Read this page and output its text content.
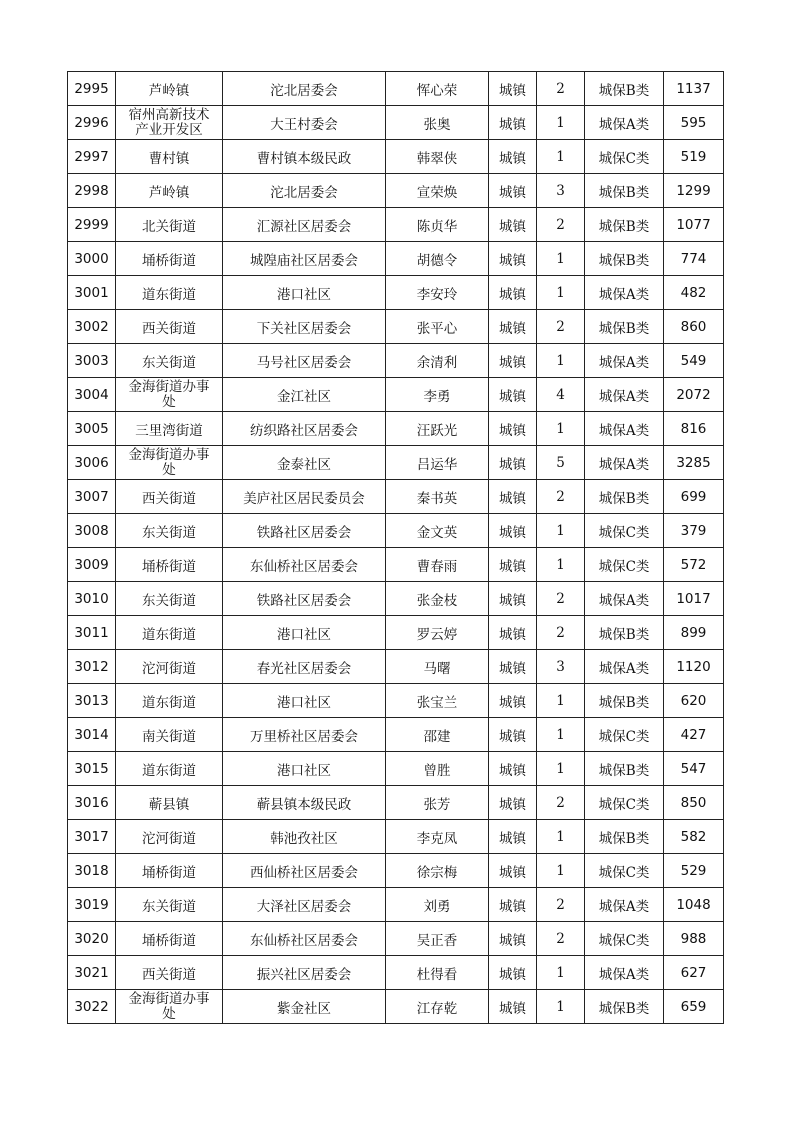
2995	芦岭镇	沱北居委会	恽心荣	城镇	2	城保B类	1137
2996	宿州高新技术产业开发区	大王村委会	张奥	城镇	1	城保A类	595
2997	曹村镇	曹村镇本级民政	韩翠侠	城镇	1	城保C类	519
2998	芦岭镇	沱北居委会	宣荣焕	城镇	3	城保B类	1299
2999	北关街道	汇源社区居委会	陈贞华	城镇	2	城保B类	1077
3000	埇桥街道	城隍庙社区居委会	胡德令	城镇	1	城保B类	774
3001	道东街道	港口社区	李安玲	城镇	1	城保A类	482
3002	西关街道	下关社区居委会	张平心	城镇	2	城保B类	860
3003	东关街道	马号社区居委会	余清利	城镇	1	城保A类	549
3004	金海街道办事处	金江社区	李勇	城镇	4	城保A类	2072
3005	三里湾街道	纺织路社区居委会	汪跃光	城镇	1	城保A类	816
3006	金海街道办事处	金泰社区	吕运华	城镇	5	城保A类	3285
3007	西关街道	美庐社区居民委员会	秦书英	城镇	2	城保B类	699
3008	东关街道	铁路社区居委会	金文英	城镇	1	城保C类	379
3009	埇桥街道	东仙桥社区居委会	曹春雨	城镇	1	城保C类	572
3010	东关街道	铁路社区居委会	张金枝	城镇	2	城保A类	1017
3011	道东街道	港口社区	罗云婷	城镇	2	城保B类	899
3012	沱河街道	春光社区居委会	马曙	城镇	3	城保A类	1120
3013	道东街道	港口社区	张宝兰	城镇	1	城保B类	620
3014	南关街道	万里桥社区居委会	邵建	城镇	1	城保C类	427
3015	道东街道	港口社区	曾胜	城镇	1	城保B类	547
3016	蕲县镇	蕲县镇本级民政	张芳	城镇	2	城保C类	850
3017	沱河街道	韩池孜社区	李克凤	城镇	1	城保B类	582
3018	埇桥街道	西仙桥社区居委会	徐宗梅	城镇	1	城保C类	529
3019	东关街道	大泽社区居委会	刘勇	城镇	2	城保A类	1048
3020	埇桥街道	东仙桥社区居委会	吴正香	城镇	2	城保C类	988
3021	西关街道	振兴社区居委会	杜得看	城镇	1	城保A类	627
3022	金海街道办事处	紫金社区	江存乾	城镇	1	城保B类	659
